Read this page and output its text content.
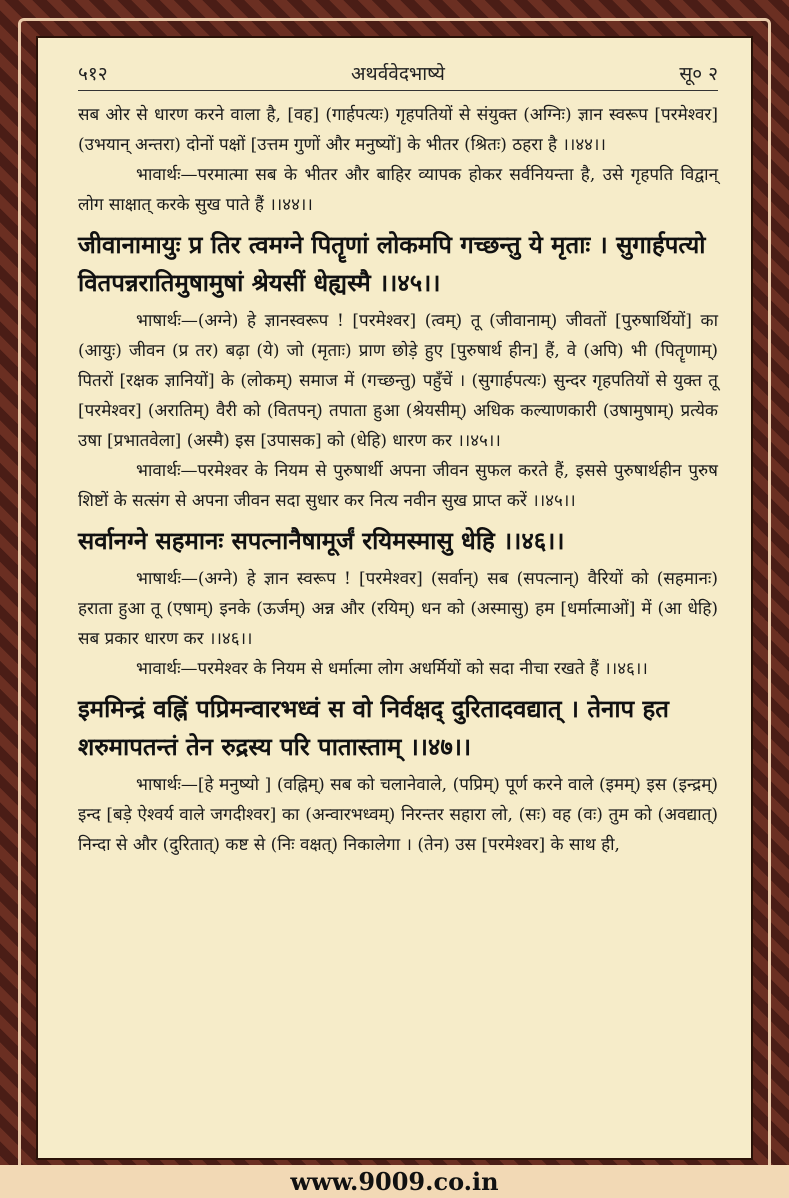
५१२	अथर्ववेदभाष्ये	सू० २

सब ओर से धारण करने वाला है, [वह] (गार्हपत्यः) गृहपतियों से संयुक्त (अग्निः) ज्ञान स्वरूप [परमेश्वर] (उभयान् अन्तरा) दोनों पक्षों [उत्तम गुणों और मनुष्यों] के भीतर (श्रितः) ठहरा है ।।४४।।

भावार्थः—परमात्मा सब के भीतर और बाहिर व्यापक होकर सर्वनियन्ता है, उसे गृहपति विद्वान् लोग साक्षात् करके सुख पाते हैं ।।४४।।

जीवानामायुः प्र तिर त्वमग्ने पितॄणां लोकमपि गच्छन्तु ये मृताः । सुगार्हपत्यो वितपन्नरातिमुषामुषां श्रेयसीं धेह्यस्मै ।।४५।।

भाषार्थः—(अग्ने) हे ज्ञानस्वरूप ! [परमेश्वर] (त्वम्) तू (जीवानाम्) जीवतों [पुरुषार्थियों] का (आयुः) जीवन (प्र तर) बढ़ा (ये) जो (मृताः) प्राण छोड़े हुए [पुरुषार्थ हीन] हैं, वे (अपि) भी (पितॄणाम्) पितरों [रक्षक ज्ञानियों] के (लोकम्) समाज में (गच्छन्तु) पहुँचें । (सुगार्हपत्यः) सुन्दर गृहपतियों से युक्त तू [परमेश्वर] (अरातिम्) वैरी को (वितपन्) तपाता हुआ (श्रेयसीम्) अधिक कल्याणकारी (उषामुषाम्) प्रत्येक उषा [प्रभातवेला] (अस्मै) इस [उपासक] को (धेहि) धारण कर ।।४५।।

भावार्थः—परमेश्वर के नियम से पुरुषार्थी अपना जीवन सुफल करते हैं, इससे पुरुषार्थहीन पुरुष शिष्टों के सत्संग से अपना जीवन सदा सुधार कर नित्य नवीन सुख प्राप्त करें ।।४५।।

सर्वानग्ने सहमानः सपत्नानैषामूर्जं रयिमस्मासु धेहि ।।४६।।

भाषार्थः—(अग्ने) हे ज्ञान स्वरूप ! [परमेश्वर] (सर्वान्) सब (सपत्नान्) वैरियों को (सहमानः) हराता हुआ तू (एषाम्) इनके (ऊर्जम्) अन्न और (रयिम्) धन को (अस्मासु) हम [धर्मात्माओं] में (आ धेहि) सब प्रकार धारण कर ।।४६।।

भावार्थः—परमेश्वर के नियम से धर्मात्मा लोग अधर्मियों को सदा नीचा रखते हैं ।।४६।।

इममिन्द्रं वह्निं पप्रिमन्वारभध्वं स वो निर्वक्षद् दुरितादवद्यात् । तेनाप हत शरुमापतन्तं तेन रुद्रस्य परि पातास्ताम् ।।४७।।

भाषार्थः—[हे मनुष्यो ] (वह्निम्) सब को चलानेवाले, (पप्रिम्) पूर्ण करने वाले (इमम्) इस (इन्द्रम्) इन्द [बड़े ऐश्वर्य वाले जगदीश्वर] का (अन्वारभध्वम्) निरन्तर सहारा लो, (सः) वह (वः) तुम को (अवद्यात्) निन्दा से और (दुरितात्) कष्ट से (निः वक्षत्) निकालेगा । (तेन) उस [परमेश्वर] के साथ ही,

www.9009.co.in
